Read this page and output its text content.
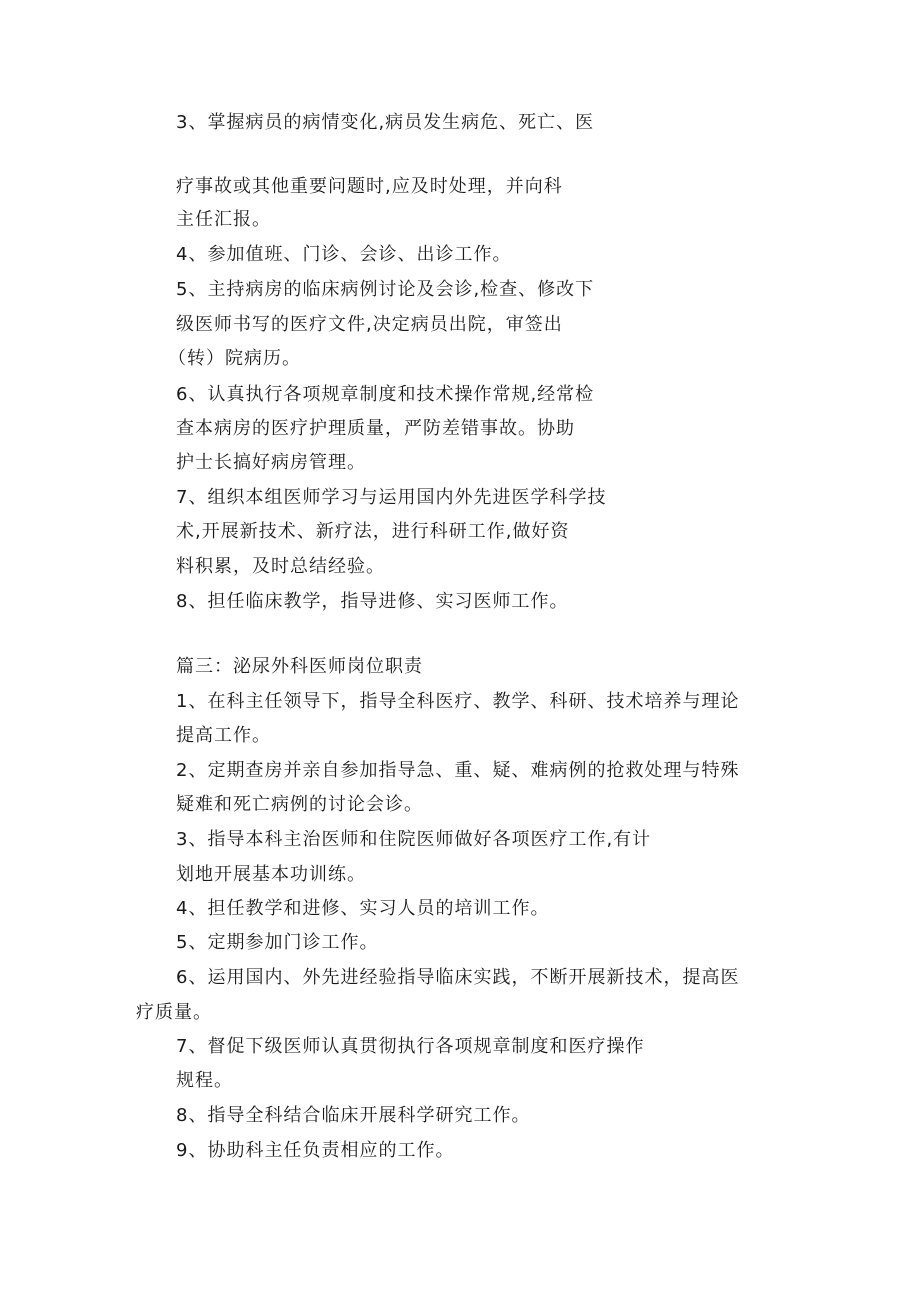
3、掌握病员的病情变化,病员发生病危、死亡、医
疗事故或其他重要问题时,应及时处理，并向科
主任汇报。
4、参加值班、门诊、会诊、出诊工作。
5、主持病房的临床病例讨论及会诊,检查、修改下
级医师书写的医疗文件,决定病员出院，审签出
（转）院病历。
6、认真执行各项规章制度和技术操作常规,经常检
查本病房的医疗护理质量，严防差错事故。协助
护士长搞好病房管理。
7、组织本组医师学习与运用国内外先进医学科学技
术,开展新技术、新疗法，进行科研工作,做好资
料积累，及时总结经验。
8、担任临床教学，指导进修、实习医师工作。
篇三：泌尿外科医师岗位职责
1、在科主任领导下，指导全科医疗、教学、科研、技术培养与理论
提高工作。
2、定期查房并亲自参加指导急、重、疑、难病例的抢救处理与特殊
疑难和死亡病例的讨论会诊。
3、指导本科主治医师和住院医师做好各项医疗工作,有计
划地开展基本功训练。
4、担任教学和进修、实习人员的培训工作。
5、定期参加门诊工作。
6、运用国内、外先进经验指导临床实践，不断开展新技术，提高医
疗质量。
7、督促下级医师认真贯彻执行各项规章制度和医疗操作
规程。
8、指导全科结合临床开展科学研究工作。
9、协助科主任负责相应的工作。
